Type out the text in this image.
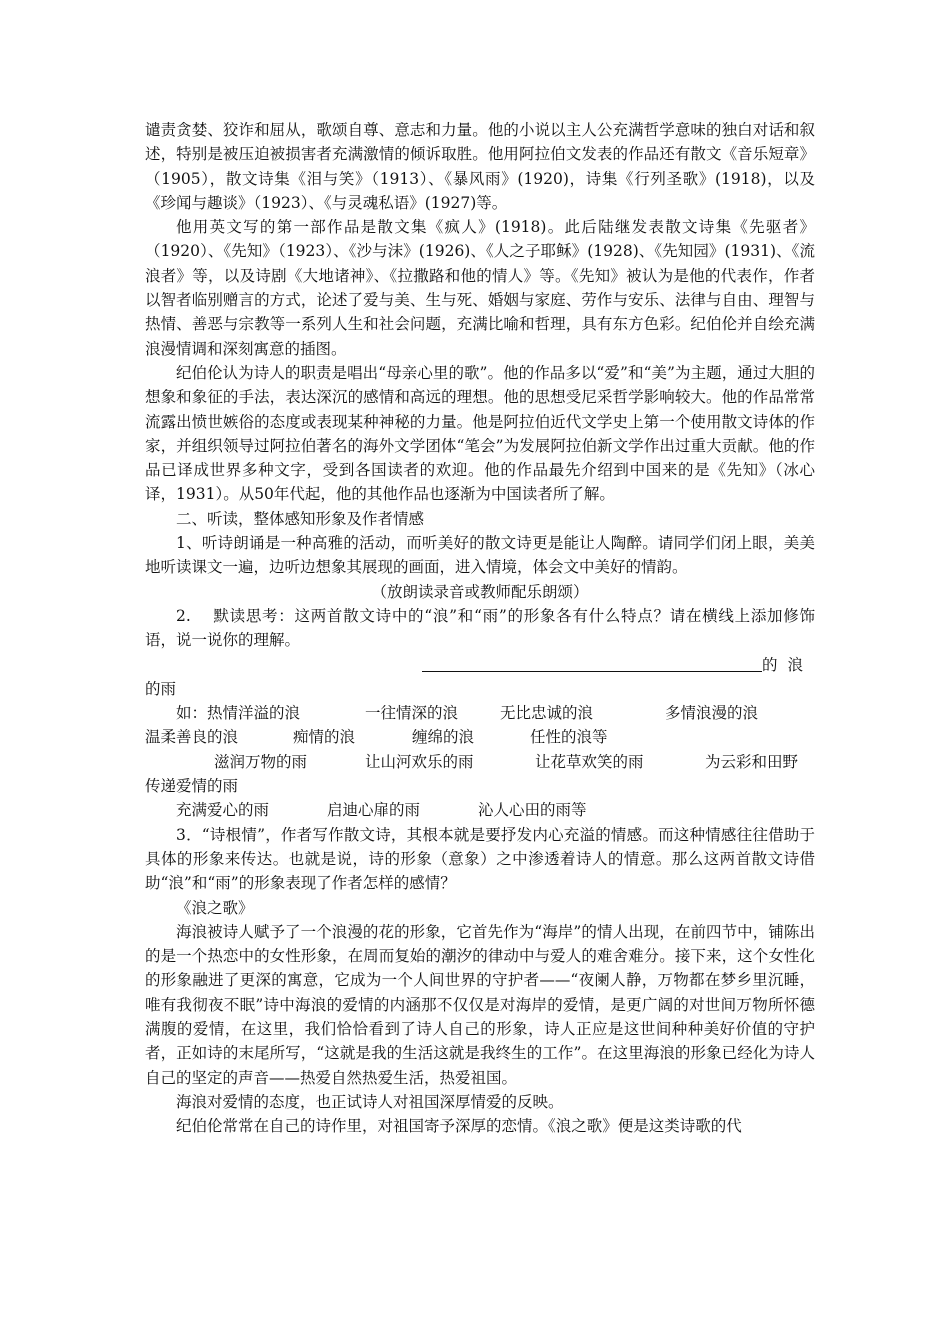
谴责贪婪、狡诈和屈从，歌颂自尊、意志和力量。他的小说以主人公充满哲学意味的独白对话和叙述，特别是被压迫被损害者充满激情的倾诉取胜。他用阿拉伯文发表的作品还有散文《音乐短章》（1905），散文诗集《泪与笑》（1913）、《暴风雨》(1920)，诗集《行列圣歌》(1918)，以及《珍闻与趣谈》（1923）、《与灵魂私语》(1927)等。

他用英文写的第一部作品是散文集《疯人》(1918)。此后陆继发表散文诗集《先驱者》（1920）、《先知》（1923）、《沙与沫》(1926)、《人之子耶稣》(1928)、《先知园》(1931)、《流浪者》等，以及诗剧《大地诸神》、《拉撒路和他的情人》等。《先知》被认为是他的代表作，作者以智者临别赠言的方式，论述了爱与美、生与死、婚姻与家庭、劳作与安乐、法律与自由、理智与热情、善恶与宗教等一系列人生和社会问题，充满比喻和哲理，具有东方色彩。纪伯伦并自绘充满浪漫情调和深刻寓意的插图。

纪伯伦认为诗人的职责是唱出“母亲心里的歌”。他的作品多以“爱”和“美”为主题，通过大胆的想象和象征的手法，表达深沉的感情和高远的理想。他的思想受尼采哲学影响较大。他的作品常常流露出愤世嫉俗的态度或表现某种神秘的力量。他是阿拉伯近代文学史上第一个使用散文诗体的作家，并组织领导过阿拉伯著名的海外文学团体“笔会”为发展阿拉伯新文学作出过重大贡献。他的作品已译成世界多种文字，受到各国读者的欢迎。他的作品最先介绍到中国来的是《先知》（冰心译，1931）。从50年代起，他的其他作品也逐渐为中国读者所了解。

二、听读，整体感知形象及作者情感

1、听诗朗诵是一种高雅的活动，而听美好的散文诗更是能让人陶醉。请同学们闭上眼，美美地听读课文一遍，边听边想象其展现的画面，进入情境，体会文中美好的情韵。

（放朗读录音或教师配乐朗颂）

2.　 默读思考：这两首散文诗中的“浪”和“雨”的形象各有什么特点？请在横线上添加修饰语，说一说你的理解。

的浪

的雨

如：热情洋溢的浪	一往情深的浪	无比忠诚的浪	多情浪漫的浪
温柔善良的浪	痴情的浪	缠绵的浪	任性的浪等
滋润万物的雨	让山河欢乐的雨	让花草欢笑的雨	为云彩和田野
传递爱情的雨
充满爱心的雨	启迪心扉的雨	沁人心田的雨等

3．“诗根情”，作者写作散文诗，其根本就是要抒发内心充溢的情感。而这种情感往往借助于具体的形象来传达。也就是说，诗的形象（意象）之中渗透着诗人的情意。那么这两首散文诗借助“浪”和“雨”的形象表现了作者怎样的感情？

《浪之歌》

海浪被诗人赋予了一个浪漫的花的形象，它首先作为“海岸”的情人出现，在前四节中，铺陈出的是一个热恋中的女性形象，在周而复始的潮汐的律动中与爱人的难舍难分。接下来，这个女性化的形象融进了更深的寓意，它成为一个人间世界的守护者——“夜阑人静，万物都在梦乡里沉睡，唯有我彻夜不眠”诗中海浪的爱情的内涵那不仅仅是对海岸的爱情，是更广阔的对世间万物所怀德满腹的爱情，在这里，我们恰恰看到了诗人自己的形象，诗人正应是这世间种种美好价值的守护者，正如诗的末尾所写，“这就是我的生活这就是我终生的工作”。在这里海浪的形象已经化为诗人自己的坚定的声音——热爱自然热爱生活，热爱祖国。

海浪对爱情的态度，也正试诗人对祖国深厚情爱的反映。

纪伯伦常常在自己的诗作里，对祖国寄予深厚的恋情。《浪之歌》便是这类诗歌的代
